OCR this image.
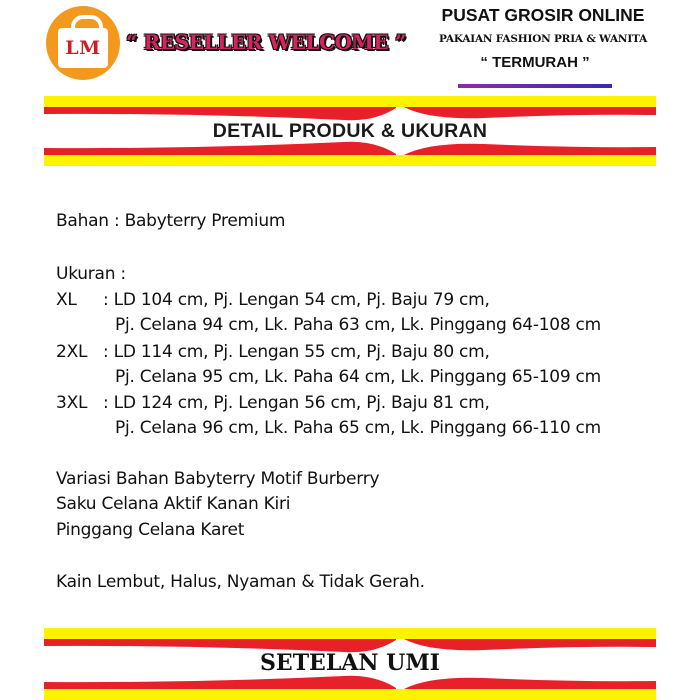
LM “ RESELLER WELCOME ”
PUSAT GROSIR ONLINE
PAKAIAN FASHION PRIA & WANITA
“ TERMURAH ”
DETAIL PRODUK & UKURAN
Bahan : Babyterry Premium
Ukuran :
XL : LD 104 cm, Pj. Lengan 54 cm, Pj. Baju 79 cm,
Pj. Celana 94 cm, Lk. Paha 63 cm, Lk. Pinggang 64-108 cm
2XL : LD 114 cm, Pj. Lengan 55 cm, Pj. Baju 80 cm,
Pj. Celana 95 cm, Lk. Paha 64 cm, Lk. Pinggang 65-109 cm
3XL : LD 124 cm, Pj. Lengan 56 cm, Pj. Baju 81 cm,
Pj. Celana 96 cm, Lk. Paha 65 cm, Lk. Pinggang 66-110 cm
Variasi Bahan Babyterry Motif Burberry
Saku Celana Aktif Kanan Kiri
Pinggang Celana Karet
Kain Lembut, Halus, Nyaman & Tidak Gerah.
SETELAN UMI
